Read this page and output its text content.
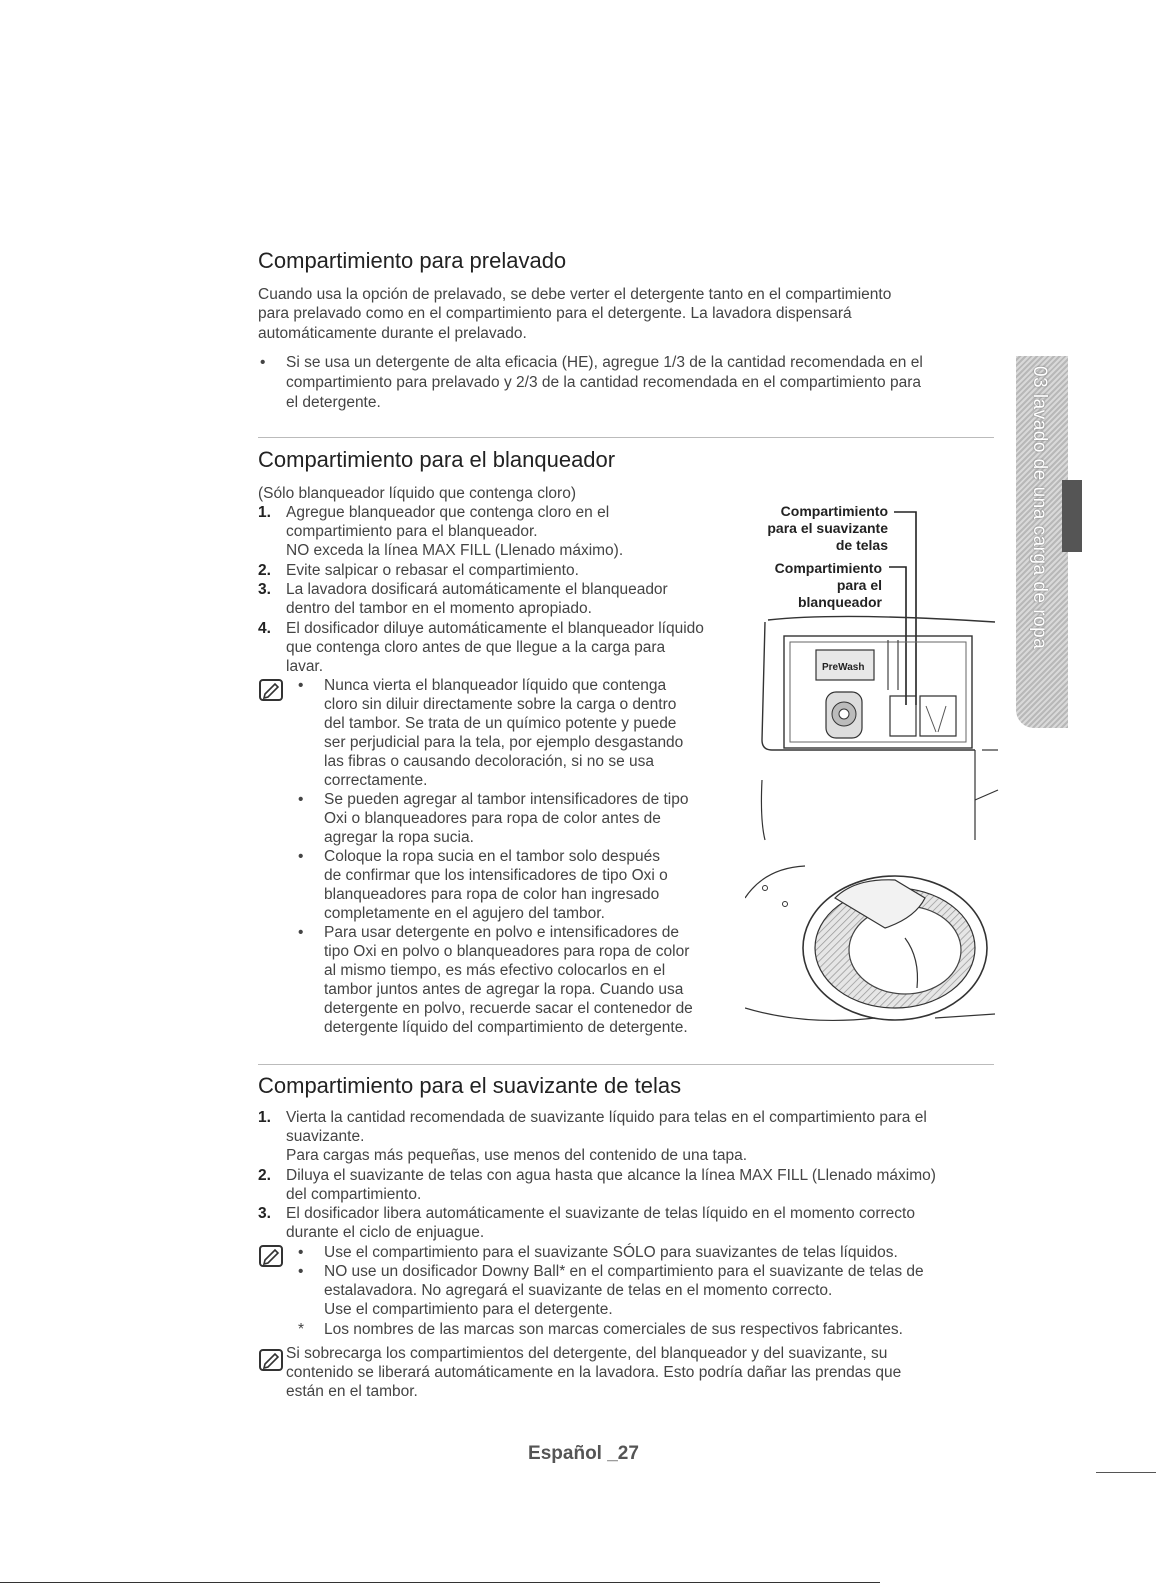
03 lavado de una carga de ropa
Compartimiento para prelavado

Cuando usa la opción de prelavado, se debe verter el detergente tanto en el compartimiento

para prelavado como en el compartimiento para el detergente. La lavadora dispensará

automáticamente durante el prelavado.

•

Si se usa un detergente de alta eficacia (HE), agregue 1/3 de la cantidad recomendada en el

compartimiento para prelavado y 2/3 de la cantidad recomendada en el compartimiento para

el detergente.

Compartimiento para el blanqueador

(Sólo blanqueador líquido que contenga cloro)

1. Agregue blanqueador que contenga cloro en el

compartimiento para el blanqueador.

NO exceda la línea MAX FILL (Llenado máximo).

2. Evite salpicar o rebasar el compartimiento.

3. La lavadora dosificará automáticamente el blanqueador

dentro del tambor en el momento apropiado.

4. El dosificador diluye automáticamente el blanqueador líquido

que contenga cloro antes de que llegue a la carga para

lavar.

•

Nunca vierta el blanqueador líquido que contenga

cloro sin diluir directamente sobre la carga o dentro

del tambor. Se trata de un químico potente y puede

ser perjudicial para la tela, por ejemplo desgastando

las fibras o causando decoloración, si no se usa

correctamente.

•

Se pueden agregar al tambor intensificadores de tipo

Oxi o blanqueadores para ropa de color antes de

agregar la ropa sucia.

•

Coloque la ropa sucia en el tambor solo después

de confirmar que los intensificadores de tipo Oxi o

blanqueadores para ropa de color han ingresado

completamente en el agujero del tambor.

•

Para usar detergente en polvo e intensificadores de

tipo Oxi en polvo o blanqueadores para ropa de color

al mismo tiempo, es más efectivo colocarlos en el

tambor juntos antes de agregar la ropa. Cuando usa

detergente en polvo, recuerde sacar el contenedor de

detergente líquido del compartimiento de detergente.

Compartimiento
para el suavizante
de telas
Compartimiento
para el
blanqueador
PreWash
Compartimiento para el suavizante de telas
1. Vierta la cantidad recomendada de suavizante líquido para telas en el compartimiento para el

suavizante.

Para cargas más pequeñas, use menos del contenido de una tapa.

2. Diluya el suavizante de telas con agua hasta que alcance la línea MAX FILL (Llenado máximo)

del compartimiento.

3. El dosificador libera automáticamente el suavizante de telas líquido en el momento correcto

durante el ciclo de enjuague.

•

Use el compartimiento para el suavizante SÓLO para suavizantes de telas líquidos.

•

NO use un dosificador Downy Ball* en el compartimiento para el suavizante de telas de

estalavadora. No agregará el suavizante de telas en el momento correcto.

Use el compartimiento para el detergente.

* Los nombres de las marcas son marcas comerciales de sus respectivos fabricantes.

Si sobrecarga los compartimientos del detergente, del blanqueador y del suavizante, su

contenido se liberará automáticamente en la lavadora. Esto podría dañar las prendas que

están en el tambor.

Español _27
